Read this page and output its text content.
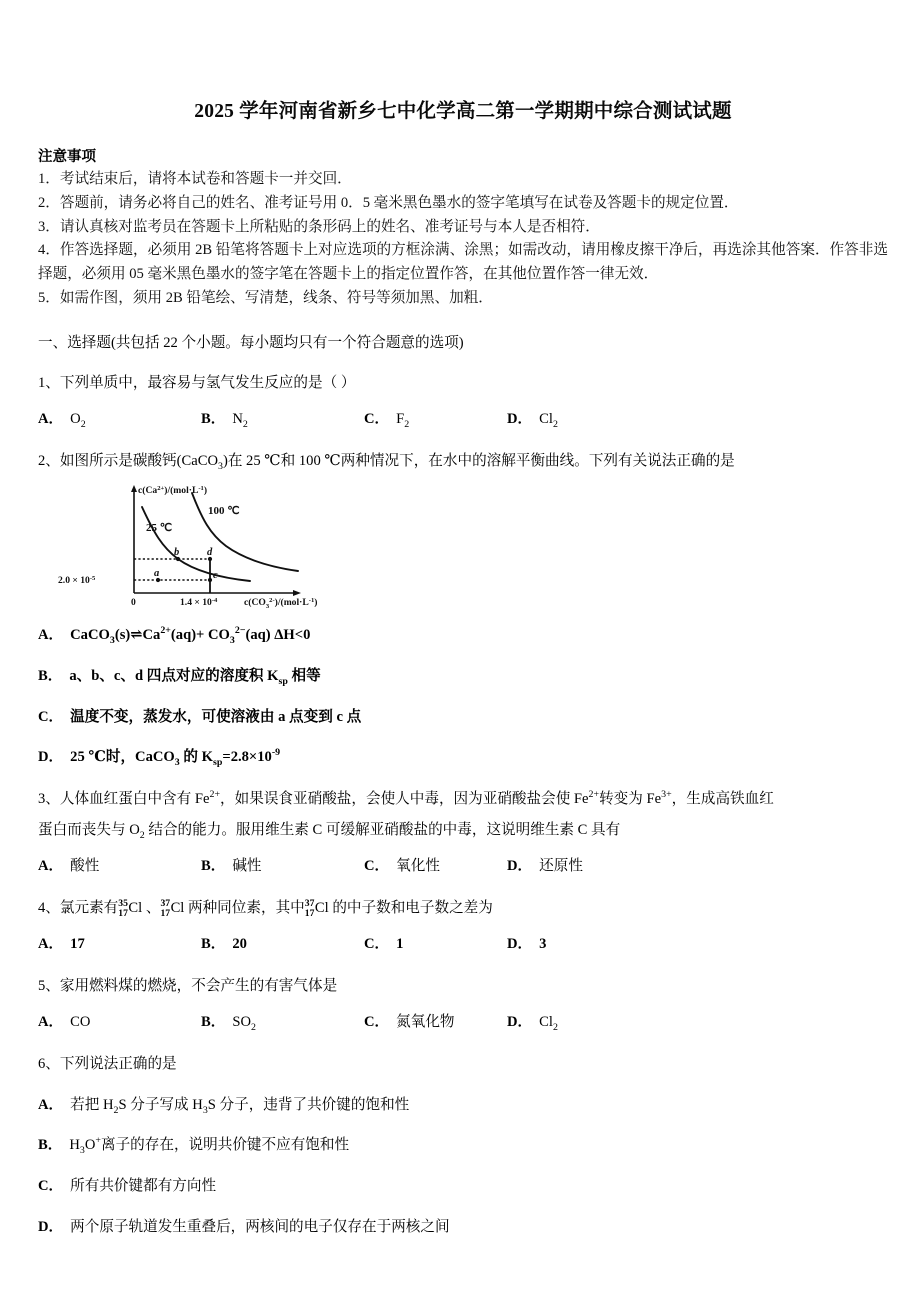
2025 学年河南省新乡七中化学高二第一学期期中综合测试试题
注意事项
1．考试结束后，请将本试卷和答题卡一并交回．
2．答题前，请务必将自己的姓名、准考证号用 0．5 毫米黑色墨水的签字笔填写在试卷及答题卡的规定位置．
3．请认真核对监考员在答题卡上所粘贴的条形码上的姓名、准考证号与本人是否相符．
4．作答选择题，必须用 2B 铅笔将答题卡上对应选项的方框涂满、涂黑；如需改动，请用橡皮擦干净后，再选涂其他答案．作答非选择题，必须用 05 毫米黑色墨水的签字笔在答题卡上的指定位置作答，在其他位置作答一律无效．
5．如需作图，须用 2B 铅笔绘、写清楚，线条、符号等须加黑、加粗．
一、选择题(共包括 22 个小题。每小题均只有一个符合题意的选项)
1、下列单质中，最容易与氢气发生反应的是（ ）
A． $O_2$	B． $N_2$	C． $F_2$	D． $Cl_2$
2、如图所示是碳酸钙(CaCO$_3$)在 25 ℃和 100 ℃两种情况下，在水中的溶解平衡曲线。下列有关说法正确的是
a
b	d
c
25 ℃
100 ℃
$c(Ca^{2+})/(mol\cdot L^{-1})$
$2.0 \times 10^{-5}$
0	$1.4 \times 10^{-4}$	$c(CO_3^{2-})/(mol\cdot L^{-1})$
A． $CaCO_3(s)\rightleftharpoons Ca^{2+}(aq)+ CO_3^{2-}(aq)$ ΔH<0
B． a、b、c、d 四点对应的溶度积 $K_{sp}$ 相等
C． 温度不变，蒸发水，可使溶液由 a 点变到 c 点
D． 25 ℃时，CaCO$_3$ 的 $K_{sp}=2.8\times 10^{-9}$
3、人体血红蛋白中含有 $Fe^{2+}$，如果误食亚硝酸盐，会使人中毒，因为亚硝酸盐会使 $Fe^{2+}$转变为 $Fe^{3+}$，生成高铁血红
蛋白而丧失与 $O_2$ 结合的能力。服用维生素 C 可缓解亚硝酸盐的中毒，这说明维生素 C 具有
A． 酸性	B． 碱性	C． 氧化性	D． 还原性
4、氯元素有 35
17 Cl 、 37
17 Cl 两种同位素，其中 37
17 Cl 的中子数和电子数之差为
A． 17	B． 20	C． 1	D． 3
5、家用燃料煤的燃烧，不会产生的有害气体是
A． CO	B． $SO_2$	C． 氮氧化物	D． $Cl_2$
6、下列说法正确的是
A． 若把 $H_2S$ 分子写成 $H_3S$ 分子，违背了共价键的饱和性
B． $H_3O^+$离子的存在，说明共价键不应有饱和性
C． 所有共价键都有方向性
D． 两个原子轨道发生重叠后，两核间的电子仅存在于两核之间
